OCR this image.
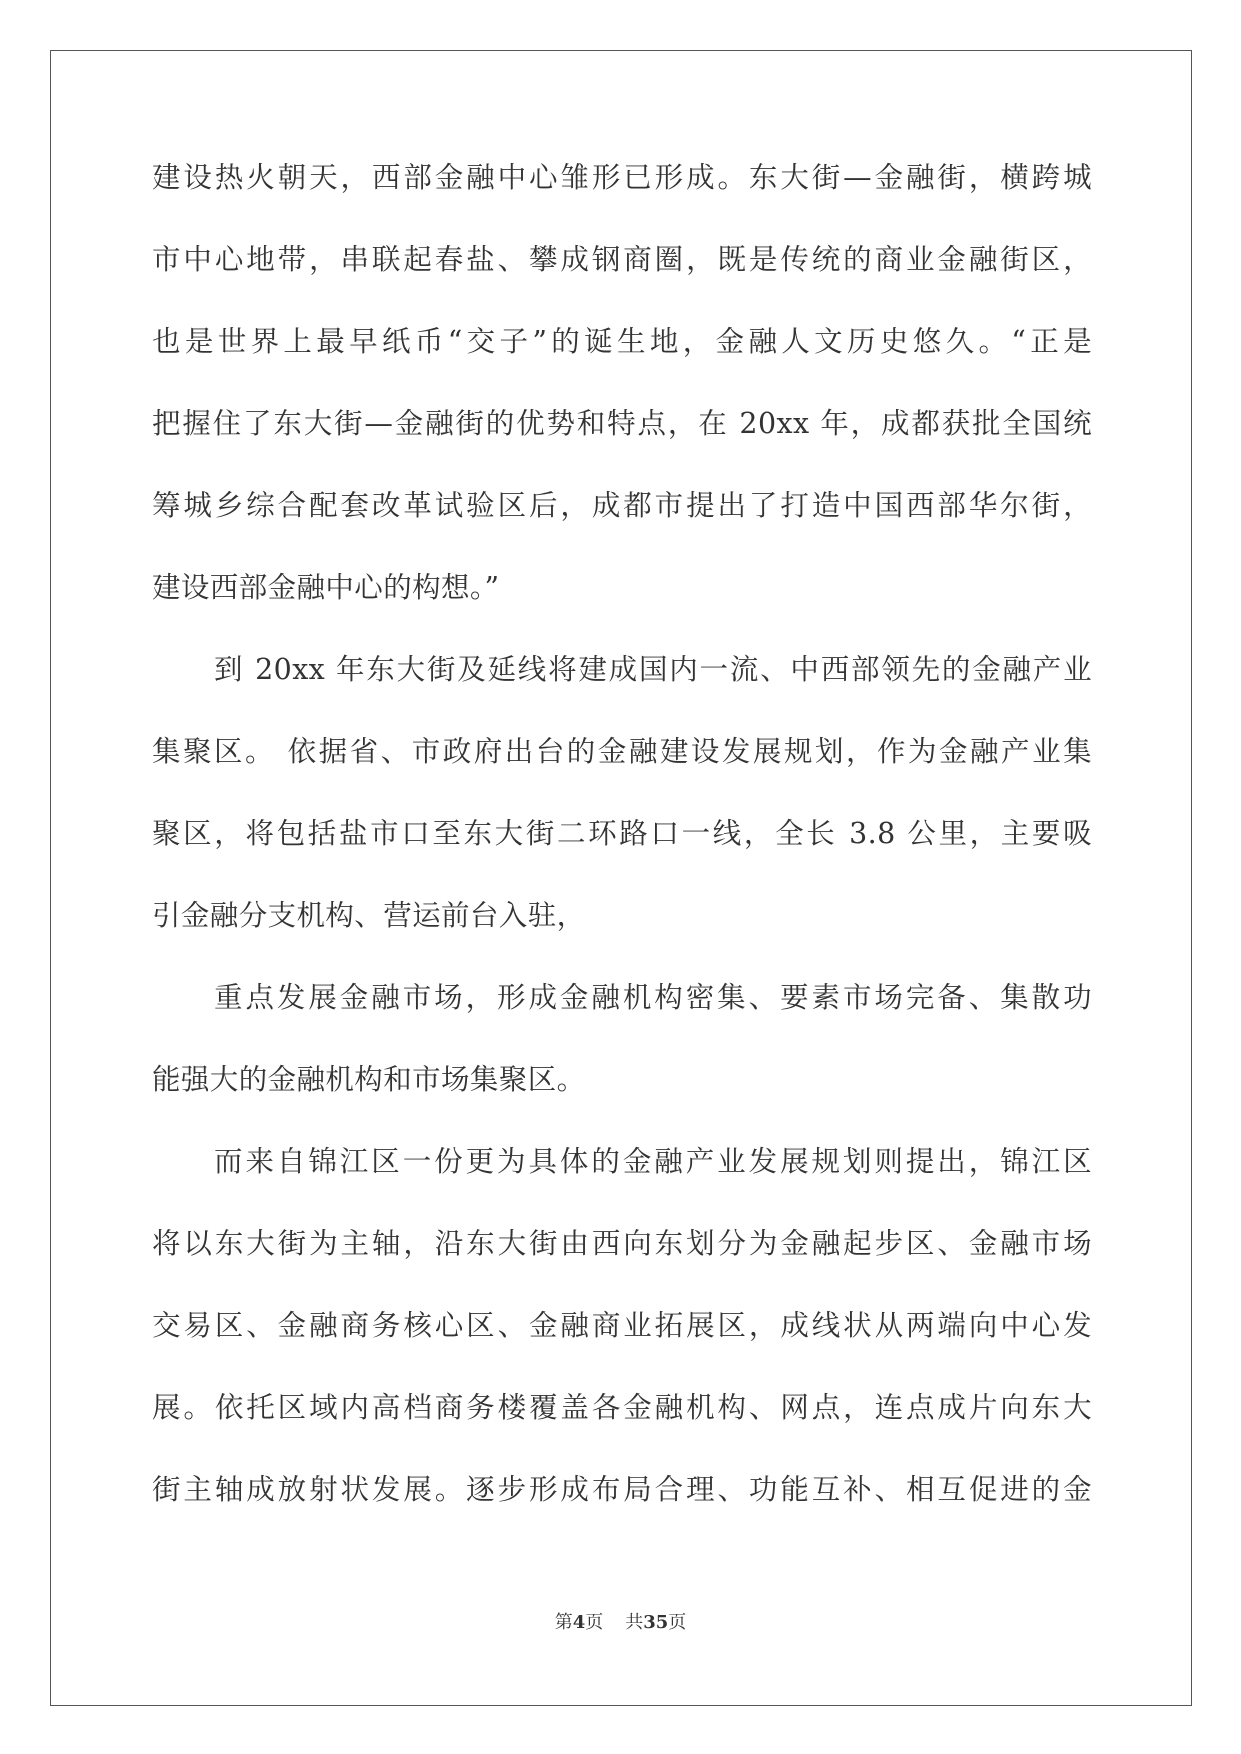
建设热火朝天，西部金融中心雏形已形成。东大街—金融街，横跨城
市中心地带，串联起春盐、攀成钢商圈，既是传统的商业金融街区，
也是世界上最早纸币“交子”的诞生地，金融人文历史悠久。“正是
把握住了东大街—金融街的优势和特点，在 20xx 年，成都获批全国统
筹城乡综合配套改革试验区后，成都市提出了打造中国西部华尔街，
建设西部金融中心的构想。”
到 20xx 年东大街及延线将建成国内一流、中西部领先的金融产业
集聚区。 依据省、市政府出台的金融建设发展规划，作为金融产业集
聚区，将包括盐市口至东大街二环路口一线，全长 3.8 公里，主要吸
引金融分支机构、营运前台入驻，
重点发展金融市场，形成金融机构密集、要素市场完备、集散功
能强大的金融机构和市场集聚区。
而来自锦江区一份更为具体的金融产业发展规划则提出，锦江区
将以东大街为主轴，沿东大街由西向东划分为金融起步区、金融市场
交易区、金融商务核心区、金融商业拓展区，成线状从两端向中心发
展。依托区域内高档商务楼覆盖各金融机构、网点，连点成片向东大
街主轴成放射状发展。逐步形成布局合理、功能互补、相互促进的金
第4页 共35页
